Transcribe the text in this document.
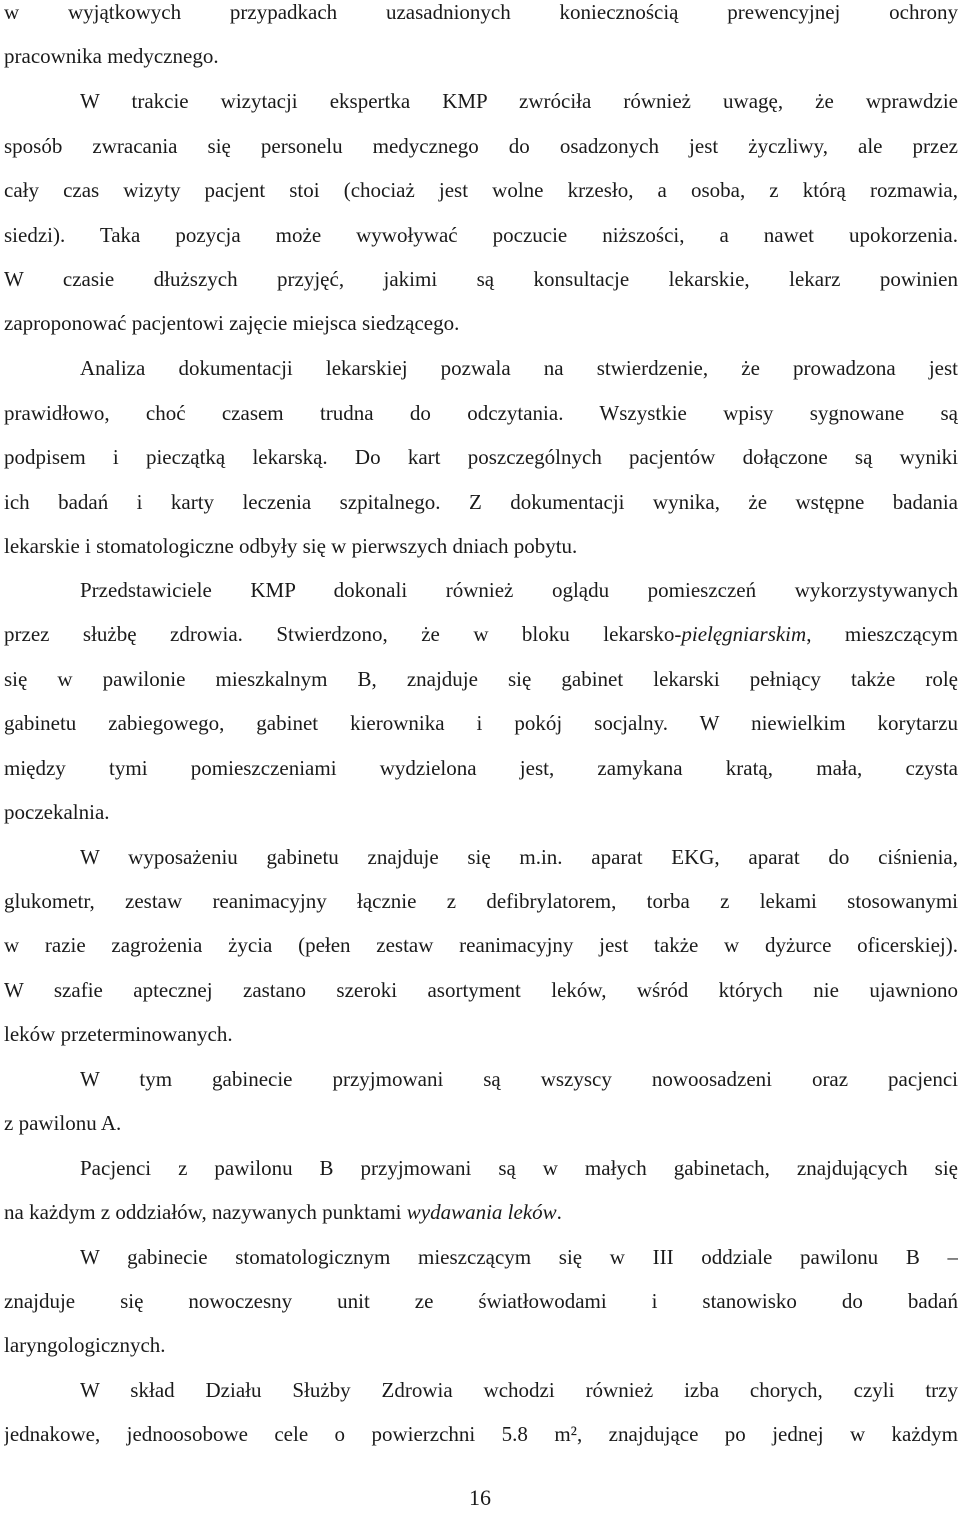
w wyjątkowych przypadkach uzasadnionych koniecznością prewencyjnej ochrony
pracownika medycznego.
W trakcie wizytacji ekspertka KMP zwróciła również uwagę, że wprawdzie
sposób zwracania się personelu medycznego do osadzonych jest życzliwy, ale przez
cały czas wizyty pacjent stoi (chociaż jest wolne krzesło, a osoba, z którą rozmawia,
siedzi). Taka pozycja może wywoływać poczucie niższości, a nawet upokorzenia.
W czasie dłuższych przyjęć, jakimi są konsultacje lekarskie, lekarz powinien
zaproponować pacjentowi zajęcie miejsca siedzącego.
Analiza dokumentacji lekarskiej pozwala na stwierdzenie, że prowadzona jest
prawidłowo, choć czasem trudna do odczytania. Wszystkie wpisy sygnowane są
podpisem i pieczątką lekarską. Do kart poszczególnych pacjentów dołączone są wyniki
ich badań i karty leczenia szpitalnego. Z dokumentacji wynika, że wstępne badania
lekarskie i stomatologiczne odbyły się w pierwszych dniach pobytu.
Przedstawiciele KMP dokonali również oglądu pomieszczeń wykorzystywanych
przez służbę zdrowia. Stwierdzono, że w bloku lekarsko-pielęgniarskim, mieszczącym
się w pawilonie mieszkalnym B, znajduje się gabinet lekarski pełniący także rolę
gabinetu zabiegowego, gabinet kierownika i pokój socjalny. W niewielkim korytarzu
między tymi pomieszczeniami wydzielona jest, zamykana kratą, mała, czysta
poczekalnia.
W wyposażeniu gabinetu znajduje się m.in. aparat EKG, aparat do ciśnienia,
glukometr, zestaw reanimacyjny łącznie z defibrylatorem, torba z lekami stosowanymi
w razie zagrożenia życia (pełen zestaw reanimacyjny jest także w dyżurce oficerskiej).
W szafie aptecznej zastano szeroki asortyment leków, wśród których nie ujawniono
leków przeterminowanych.
W tym gabinecie przyjmowani są wszyscy nowoosadzeni oraz pacjenci
z pawilonu A.
Pacjenci z pawilonu B przyjmowani są w małych gabinetach, znajdujących się
na każdym z oddziałów, nazywanych punktami wydawania leków.
W gabinecie stomatologicznym mieszczącym się w III oddziale pawilonu B –
znajduje się nowoczesny unit ze światłowodami i stanowisko do badań
laryngologicznych.
W skład Działu Służby Zdrowia wchodzi również izba chorych, czyli trzy
jednakowe, jednoosobowe cele o powierzchni 5.8 m², znajdujące po jednej w każdym
16
